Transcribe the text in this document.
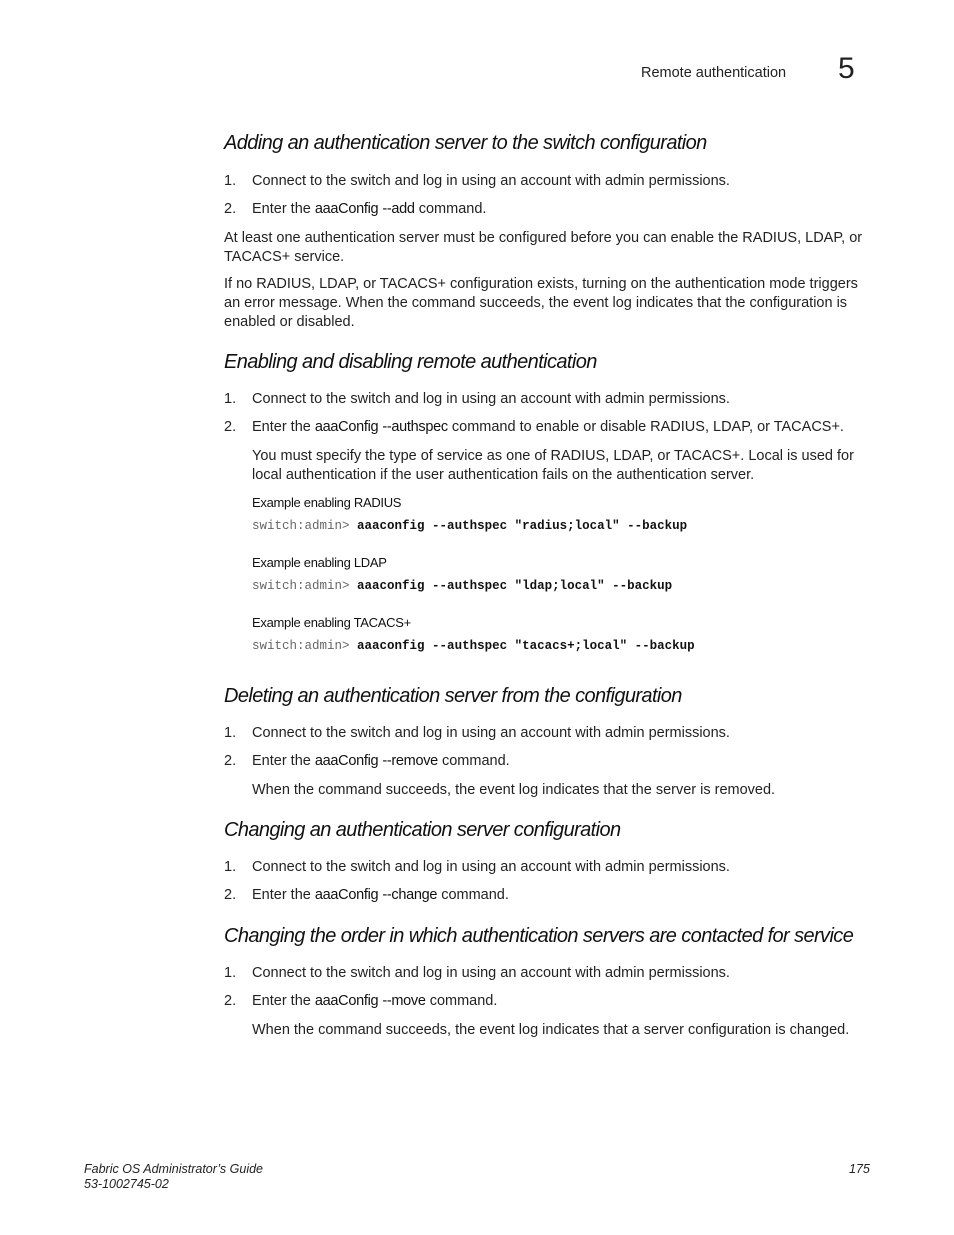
Remote authentication 5
Adding an authentication server to the switch configuration
1. Connect to the switch and log in using an account with admin permissions.
2. Enter the aaaConfig --add command.

At least one authentication server must be configured before you can enable the RADIUS, LDAP, or TACACS+ service.

If no RADIUS, LDAP, or TACACS+ configuration exists, turning on the authentication mode triggers an error message. When the command succeeds, the event log indicates that the configuration is enabled or disabled.

Enabling and disabling remote authentication
1. Connect to the switch and log in using an account with admin permissions.
2. Enter the aaaConfig --authspec command to enable or disable RADIUS, LDAP, or TACACS+.

You must specify the type of service as one of RADIUS, LDAP, or TACACS+. Local is used for local authentication if the user authentication fails on the authentication server.

Example enabling RADIUS
switch:admin> aaaconfig --authspec "radius;local" --backup
Example enabling LDAP
switch:admin> aaaconfig --authspec "ldap;local" --backup
Example enabling TACACS+
switch:admin> aaaconfig --authspec "tacacs+;local" --backup
Deleting an authentication server from the configuration
1. Connect to the switch and log in using an account with admin permissions.
2. Enter the aaaConfig --remove command.

When the command succeeds, the event log indicates that the server is removed.

Changing an authentication server configuration
1. Connect to the switch and log in using an account with admin permissions.
2. Enter the aaaConfig --change command.
Changing the order in which authentication servers are contacted for service
1. Connect to the switch and log in using an account with admin permissions.
2. Enter the aaaConfig --move command.

When the command succeeds, the event log indicates that a server configuration is changed.

Fabric OS Administrator’s Guide
53-1002745-02
175
